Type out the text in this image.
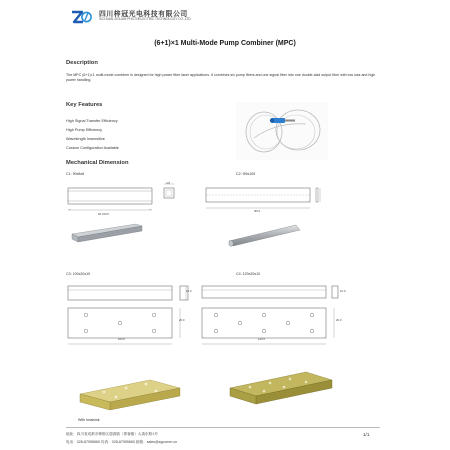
四川梓冠光电科技有限公司
SICHUAN ZIGUAN PHOTOELECTRIC TECHNOLOGY CO.,LTD
(6+1)×1 Multi-Mode Pump Combiner (MPC)
Description
The MPC (6+1)×1 multi-mode combiner is designed for high power fiber laser applications. It combines six pump fibers and one signal fiber into one double-clad output fiber with low loss and high power handling.
Key Features
High Signal Transfer Efficiency
High Pump Efficiency
Wavelength Insensitive
Custom Configuration Available
Mechanical Dimension
C1: 90x8x8
4.8
90.0±0.5
C2: Φ5x100
Φ5.0
C3: 100x20x10
100.0
20.0
10.0
C4: 120x20x10
120.0
20.0
10.0
With heatsink
地址：四川省成都市郫都区德源镇（菁蓉镇）大禹东路1号
电话：028-87955660 传真：028-87955660 邮箱：sales@zgcomm.cn
1/1
